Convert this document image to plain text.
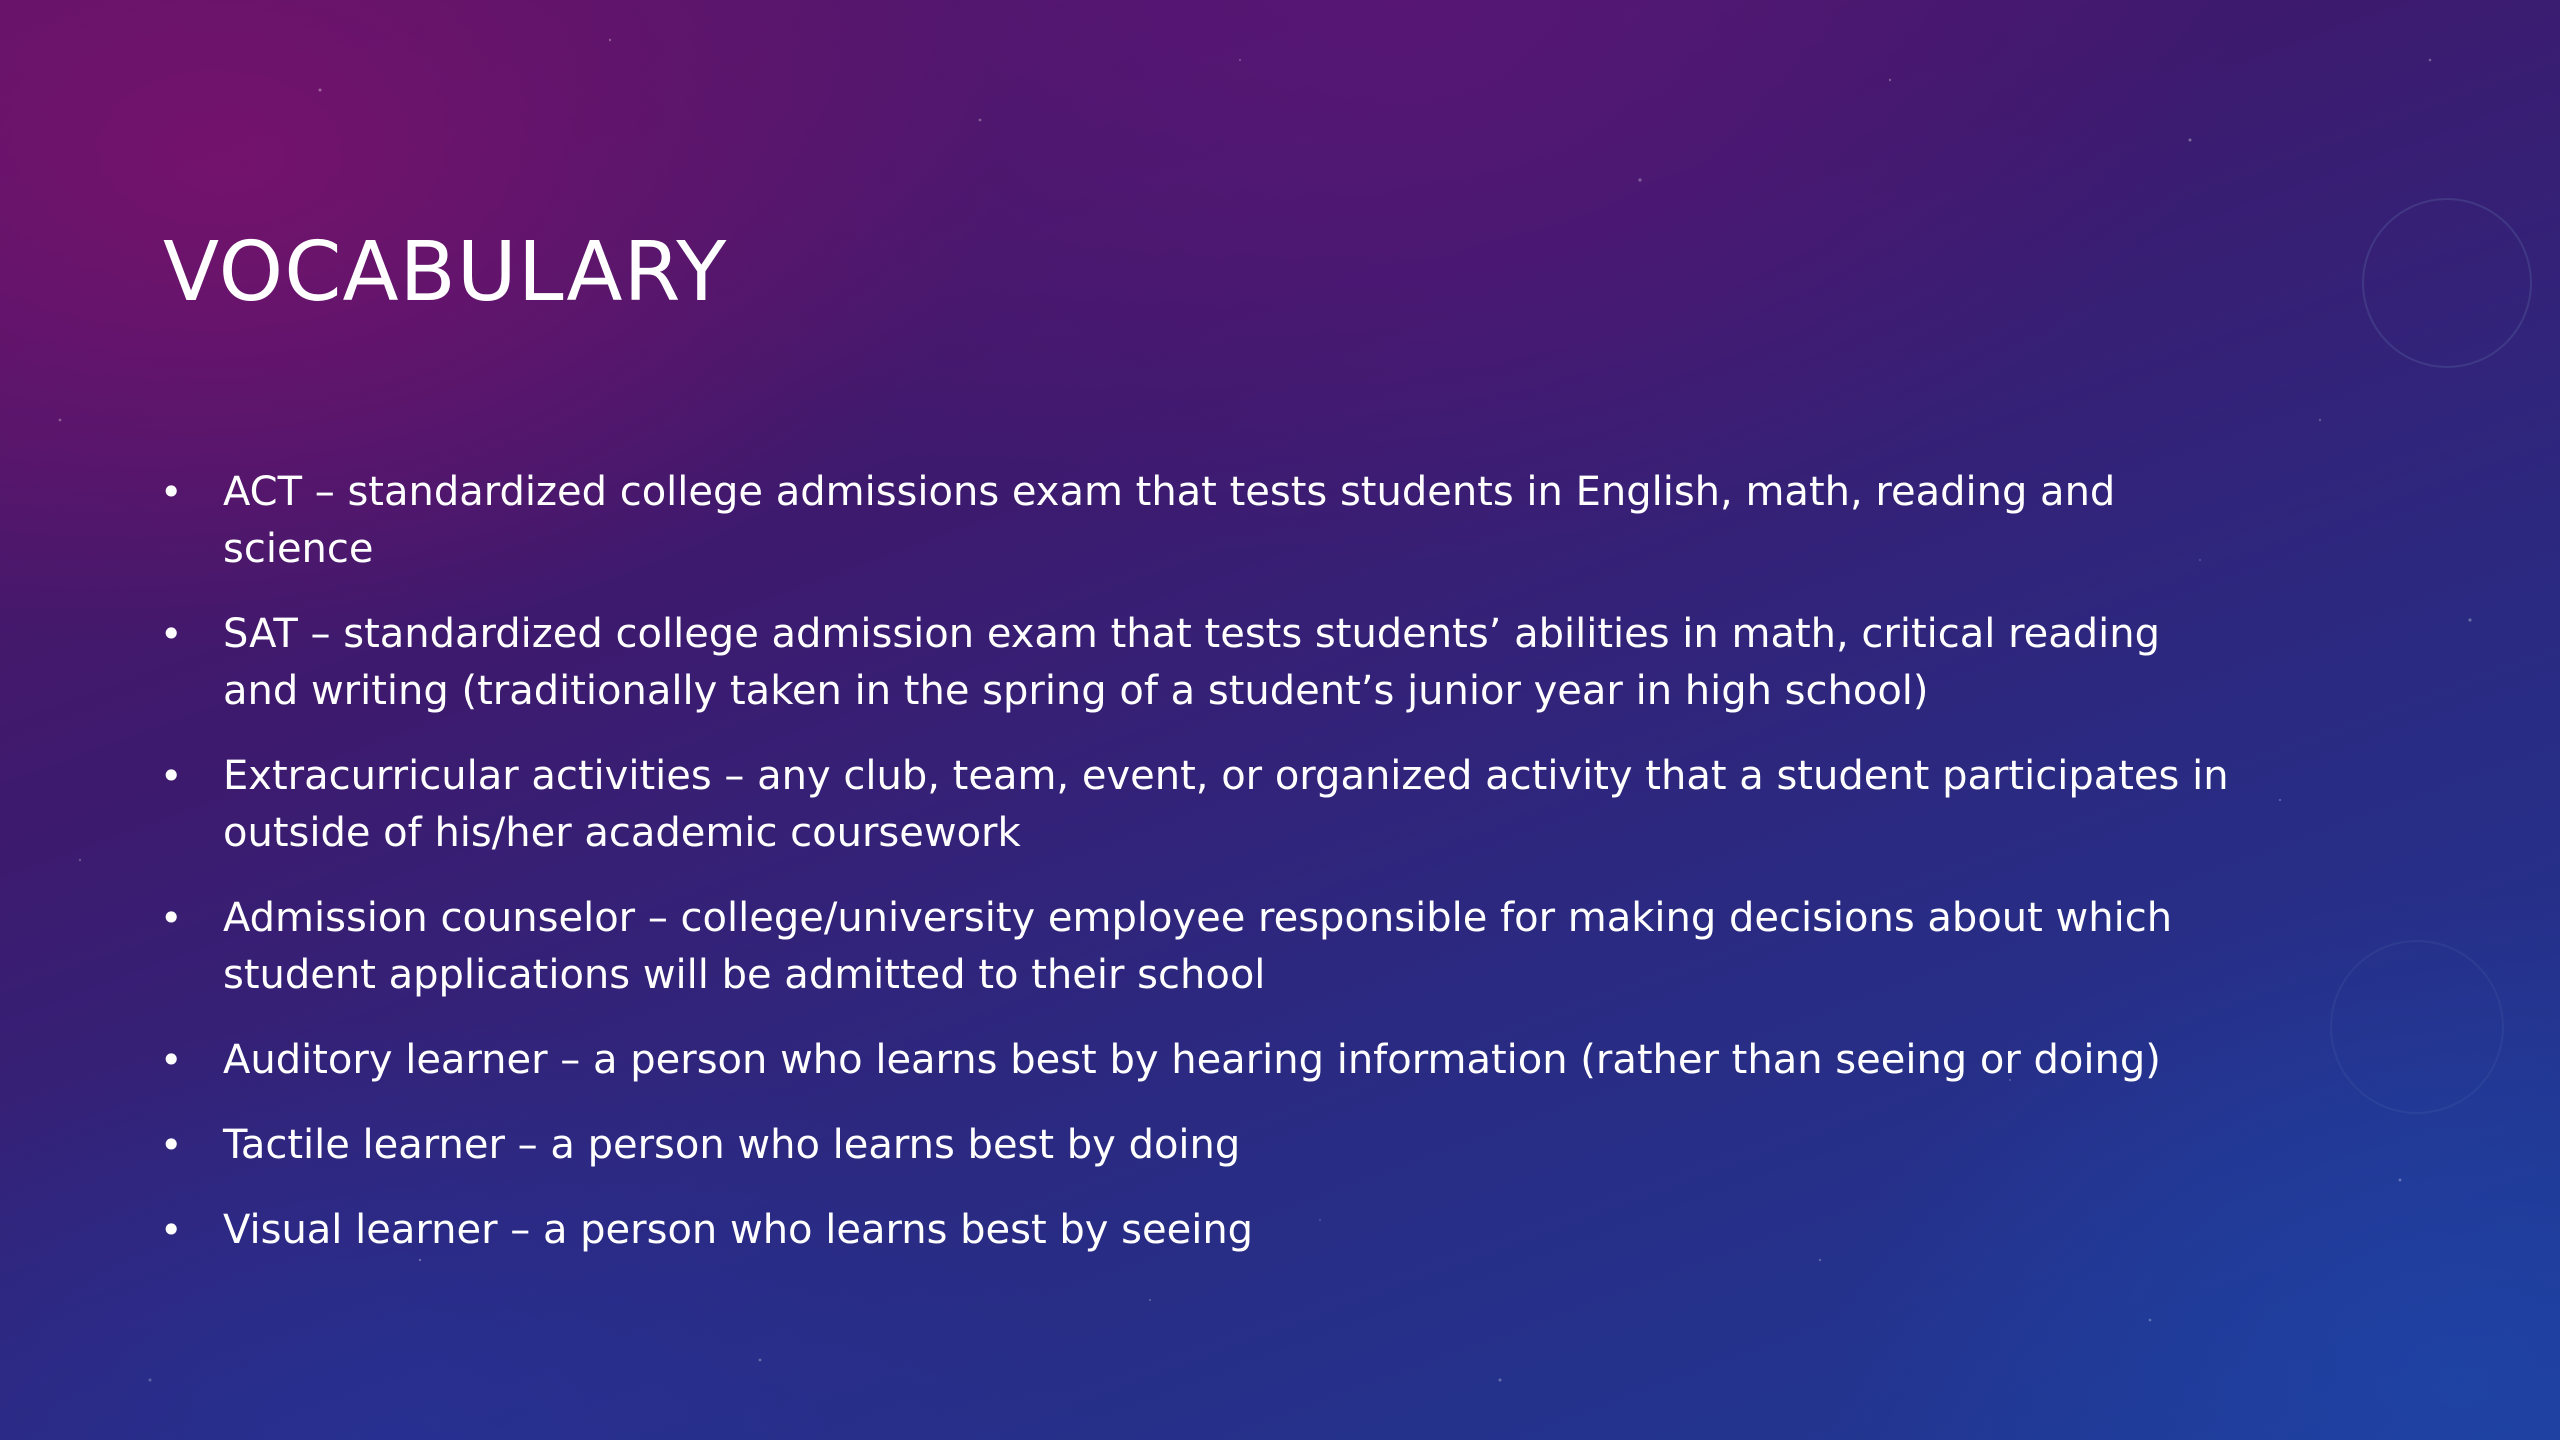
VOCABULARY
• ACT – standardized college admissions exam that tests students in English, math, reading and science
• SAT – standardized college admission exam that tests students’ abilities in math, critical reading and writing (traditionally taken in the spring of a student’s junior year in high school)
• Extracurricular activities – any club, team, event, or organized activity that a student participates in outside of his/her academic coursework
• Admission counselor – college/university employee responsible for making decisions about which student applications will be admitted to their school
• Auditory learner – a person who learns best by hearing information (rather than seeing or doing)
• Tactile learner – a person who learns best by doing
• Visual learner – a person who learns best by seeing
